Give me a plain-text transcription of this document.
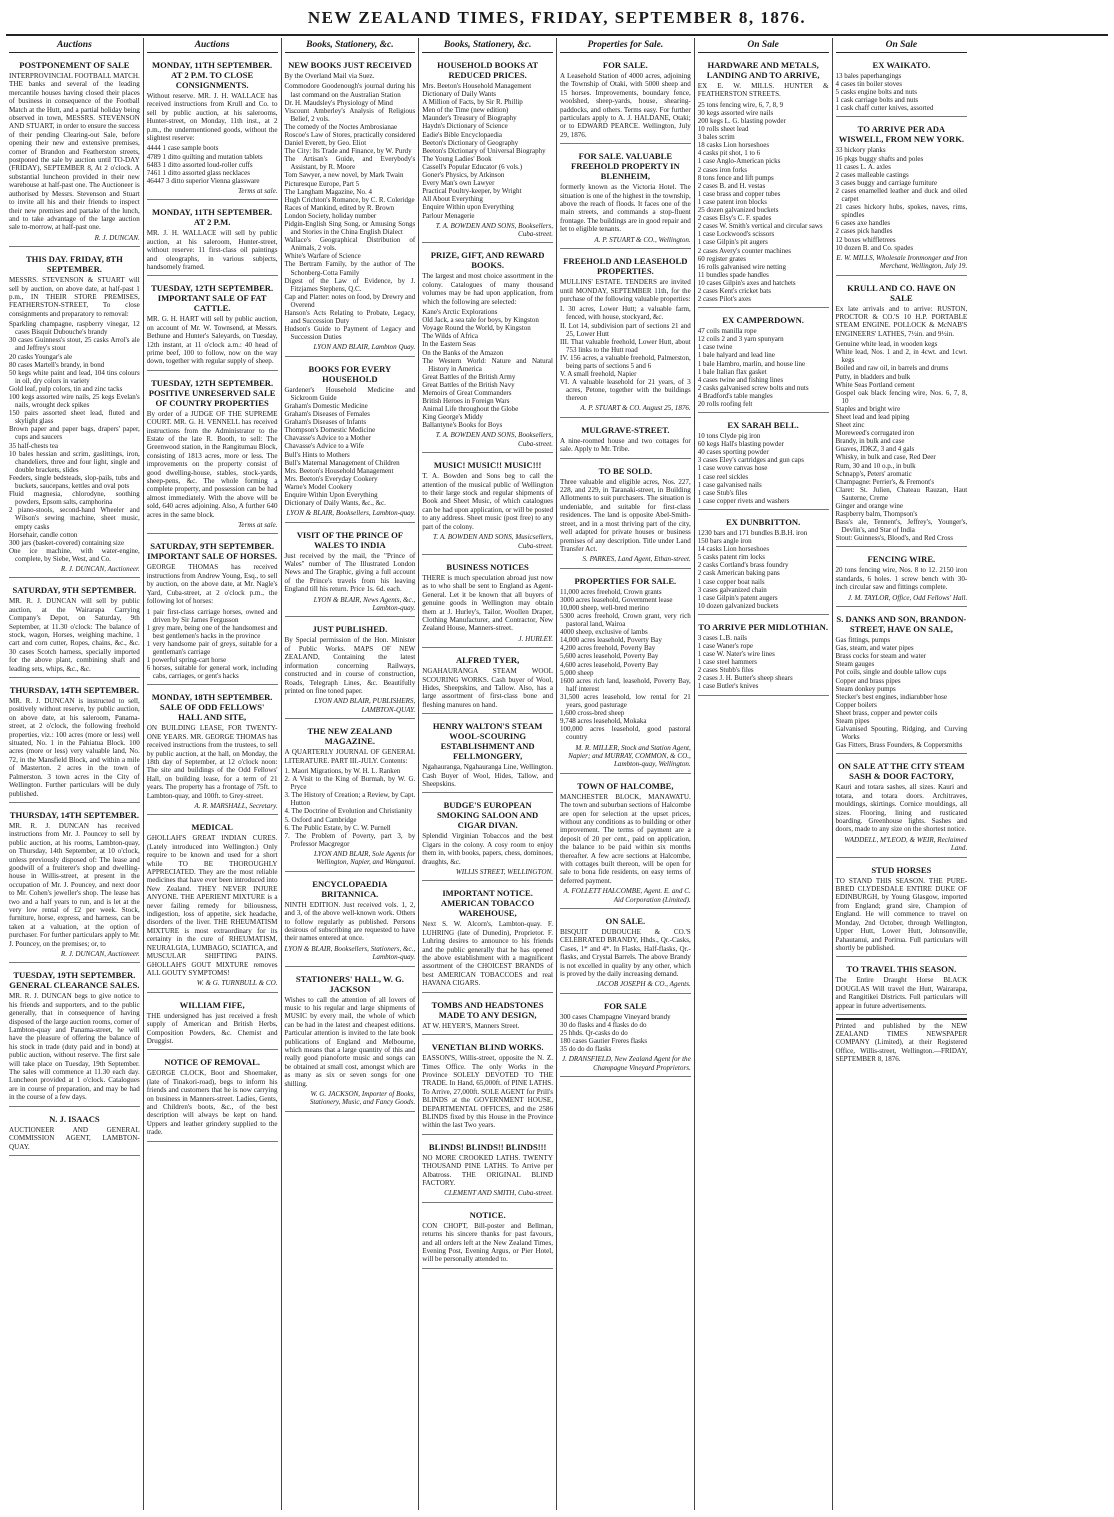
NEW ZEALAND TIMES, FRIDAY, SEPTEMBER 8, 1876.
Auctions
POSTPONEMENT OF SALE
INTERPROVINCIAL FOOTBALL MATCH. THE banks and several of the leading mercantile houses having closed their places of business in consequence of the Football Match at the Hutt, and a partial holiday being observed in town, MESSRS. STEVENSON AND STUART, in order to ensure the success of their pending Clearing-out Sale, before opening their new and extensive premises, corner of Brandon and Featherston streets, postponed the sale by auction until TO-DAY (FRIDAY), SEPTEMBER 8, At 2 o'clock. A substantial luncheon provided in their new warehouse at half-past one. The Auctioneer is authorised by Messrs. Stevenson and Stuart to invite all his and their friends to inspect their new premises and partake of the lunch, and to take advantage of the large auction sale to-morrow, at half-past one.
R. J. DUNCAN.
THIS DAY. FRIDAY, 8TH SEPTEMBER.
MESSRS. STEVENSON & STUART will sell by auction, on above date, at half-past 1 p.m., IN THEIR STORE PREMISES, FEATHERSTON-STREET, To close consignments and preparatory to removal:
Sparkling champagne, raspberry vinegar, 12 cases Bisquit Dubouche's brandy
30 cases Guinness's stout, 25 casks Arrol's ale and Jeffrey's stout
20 casks Youngar's ale
80 cases Martell's brandy, in bond
50 kegs white paint and lead, 104 tins colours in oil, dry colors in variety
Gold leaf, pulp colors, tin and zinc tacks
100 kegs assorted wire nails, 25 kegs Evelan's nails, wrought deck spikes
150 pairs assorted sheet lead, fluted and skylight glass
Brown paper and paper bags, drapers' paper, cups and saucers
35 half-chests tea
10 bales hessian and scrim, gaslittings, iron, chandeliers, three and four light, single and double brackets, slides
Feeders, single bedsteads, slop-pails, tubs and buckets, saucepans, kettles and oval pots
Fluid magnesia, chlorodyne, soothing powders, Epsom salts, camphorina
2 piano-stools, second-hand Wheeler and Wilson's sewing machine, sheet music, empty casks
Horsehair, candle cotton
300 jars (basket-covered) containing size
One ice machine, with water-engine, complete, by Siebe, West, and Co.
R. J. DUNCAN, Auctioneer.
SATURDAY, 9TH SEPTEMBER.
MR. R. J. DUNCAN will sell by public auction, at the Wairarapa Carrying Company's Depot, on Saturday, 9th September, at 11.30 o'clock: The balance of stock, wagon, Horses, weighing machine, 1 cart and corn cutter, Ropes, chains, &c., &c. 30 cases Scotch harness, specially imported for the above plant, combining shaft and leading sets, whips, &c., &c.
THURSDAY, 14TH SEPTEMBER.
MR. R. J. DUNCAN is instructed to sell, positively without reserve, by public auction, on above date, at his saleroom, Panama-street, at 2 o'clock, the following freehold properties, viz.: 100 acres (more or less) well situated, No. 1 in the Pahiatua Block. 100 acres (more or less) very valuable land, No. 72, in the Mansfield Block, and within a mile of Masterton. 2 acres in the town of Palmerston. 3 town acres in the City of Wellington. Further particulars will be duly published.
THURSDAY, 14TH SEPTEMBER.
MR. R. J. DUNCAN has received instructions from Mr. J. Pouncey to sell by public auction, at his rooms, Lambton-quay, on Thursday, 14th September, at 10 o'clock, unless previously disposed of: The lease and goodwill of a fruiterer's shop and dwelling-house in Willis-street, at present in the occupation of Mr. J. Pouncey, and next door to Mr. Cohen's jeweller's shop. The lease has two and a half years to run, and is let at the very low rental of £2 per week. Stock, furniture, horse, express, and harness, can be taken at a valuation, at the option of purchaser. For further particulars apply to Mr. J. Pouncey, on the premises; or, to
R. J. DUNCAN, Auctioneer.
TUESDAY, 19TH SEPTEMBER. GENERAL CLEARANCE SALES.
MR. R. J. DUNCAN begs to give notice to his friends and supporters, and to the public generally, that in consequence of having disposed of the large auction rooms, corner of Lambton-quay and Panama-street, he will have the pleasure of offering the balance of his stock in trade (duty paid and in bond) at public auction, without reserve. The first sale will take place on Tuesday, 19th September. The sales will commence at 11.30 each day. Luncheon provided at 1 o'clock. Catalogues are in course of preparation, and may be had in the course of a few days.
N. J. ISAACS
AUCTIONEER AND GENERAL COMMISSION AGENT, LAMBTON-QUAY.
Auctions
MONDAY, 11TH SEPTEMBER. AT 2 P.M. TO CLOSE CONSIGNMENTS.
Without reserve. MR. J. H. WALLACE has received instructions from Krull and Co. to sell by public auction, at his salerooms, Hunter-street, on Monday, 11th inst., at 2 p.m., the undermentioned goods, without the slightest reserve:
4444 1 case sample boots
4789 1 ditto quilting and mutation tablets
6483 1 ditto assorted loud-roller cuffs
7461 1 ditto assorted glass necklaces
46447 3 ditto superior Vienna glassware
Terms at sale.
MONDAY, 11TH SEPTEMBER. AT 2 P.M.
MR. J. H. WALLACE will sell by public auction, at his saleroom, Hunter-street, without reserve: 11 first-class oil paintings and oleographs, in various subjects, handsomely framed.
TUESDAY, 12TH SEPTEMBER. IMPORTANT SALE OF FAT CATTLE.
MR. G. H. HART will sell by public auction, on account of Mr. W. Townsend, at Messrs. Bethune and Hunter's Saleyards, on Tuesday, 12th instant, at 11 o'clock a.m.: 40 head of prime beef, 100 to follow, now on the way down, together with regular supply of sheep.
TUESDAY, 12TH SEPTEMBER. POSITIVE UNRESERVED SALE OF COUNTRY PROPERTIES
By order of a JUDGE OF THE SUPREME COURT. MR. G. H. VENNELL has received instructions from the Administrator to the Estate of the late R. Booth, to sell: The Greenwood station, in the Rangitumau Block, consisting of 1813 acres, more or less. The improvements on the property consist of good dwelling-house, stables, stock-yards, sheep-pens, &c. The whole forming a complete property, and possession can be had almost immediately. With the above will be sold, 640 acres adjoining. Also, A further 640 acres in the same block.
Terms at sale.
SATURDAY, 9TH SEPTEMBER. IMPORTANT SALE OF HORSES.
GEORGE THOMAS has received instructions from Andrew Young, Esq., to sell by auction, on the above date, at Mr. Nagle's Yard, Cuba-street, at 2 o'clock p.m., the following lot of horses:
1 pair first-class carriage horses, owned and driven by Sir James Fergusson
1 grey mare, being one of the handsomest and best gentlemen's hacks in the province
1 very handsome pair of greys, suitable for a gentleman's carriage
1 powerful spring-cart horse
6 horses, suitable for general work, including cabs, carriages, or gent's hacks
MONDAY, 18TH SEPTEMBER. SALE OF ODD FELLOWS' HALL AND SITE,
ON BUILDING LEASE, FOR TWENTY-ONE YEARS. MR. GEORGE THOMAS has received instructions from the trustees, to sell by public auction, at the hall, on Monday, the 18th day of September, at 12 o'clock noon: The site and buildings of the Odd Fellows' Hall, on building lease, for a term of 21 years. The property has a frontage of 75ft. to Lambton-quay, and 100ft. to Grey-street.
A. R. MARSHALL, Secretary.
MEDICAL
GHOLLAH'S GREAT INDIAN CURES. (Lately introduced into Wellington.) Only require to be known and used for a short while TO BE THOROUGHLY APPRECIATED. They are the most reliable medicines that have ever been introduced into New Zealand. THEY NEVER INJURE ANYONE. THE APERIENT MIXTURE is a never failing remedy for biliousness, indigestion, loss of appetite, sick headache, disorders of the liver. THE RHEUMATISM MIXTURE is most extraordinary for its certainty in the cure of RHEUMATISM, NEURALGIA, LUMBAGO, SCIATICA, and MUSCULAR SHIFTING PAINS. GHOLLAH'S GOUT MIXTURE removes ALL GOUTY SYMPTOMS!
W. & G. TURNBULL & CO.
WILLIAM FIFE,
THE undersigned has just received a fresh supply of American and British Herbs, Composition Powders, &c. Chemist and Druggist.
NOTICE OF REMOVAL.
GEORGE CLOCK, Boot and Shoemaker, (late of Tinakori-road), begs to inform his friends and customers that he is now carrying on business in Manners-street. Ladies, Gents, and Children's boots, &c., of the best description will always be kept on hand. Uppers and leather grindery supplied to the trade.
Books, Stationery, &c.
NEW BOOKS JUST RECEIVED
By the Overland Mail via Suez.
Commodore Goodenough's journal during his last command on the Australian Station
Dr. H. Maudsley's Physiology of Mind
Viscount Amberley's Analysis of Religious Belief, 2 vols.
The comedy of the Noctes Ambrosianae
Roscoe's Law of Stores, practically considered
Daniel Everett, by Geo. Eliot
The City: Its Trade and Finance, by W. Purdy
The Artisan's Guide, and Everybody's Assistant, by R. Moore
Tom Sawyer, a new novel, by Mark Twain
Picturesque Europe, Part 5
The Langham Magazine, No. 4
Hugh Crichton's Romance, by C. R. Coleridge
Races of Mankind, edited by R. Brown
London Society, holiday number
Pidgin-English Sing Song, or Amusing Songs and Stories in the China English Dialect
Wallace's Geographical Distribution of Animals, 2 vols.
White's Warfare of Science
The Bertram Family, by the author of The Schonberg-Cotta Family
Digest of the Law of Evidence, by J. Fitzjames Stephens, Q.C.
Cap and Platter: notes on food, by Drewry and Overend
Hanson's Acts Relating to Probate, Legacy, and Succession Duty
Hudson's Guide to Payment of Legacy and Succession Duties
LYON AND BLAIR, Lambton Quay.
BOOKS FOR EVERY HOUSEHOLD
Gardener's Household Medicine and Sickroom Guide
Graham's Domestic Medicine
Graham's Diseases of Females
Graham's Diseases of Infants
Thompson's Domestic Medicine
Chavasse's Advice to a Mother
Chavasse's Advice to a Wife
Bull's Hints to Mothers
Bull's Maternal Management of Children
Mrs. Beeton's Household Management
Mrs. Beeton's Everyday Cookery
Warne's Model Cookery
Enquire Within Upon Everything
Dictionary of Daily Wants, &c., &c.
LYON & BLAIR, Booksellers, Lambton-quay.
VISIT OF THE PRINCE OF WALES TO INDIA
Just received by the mail, the "Prince of Wales" number of The Illustrated London News and The Graphic, giving a full account of the Prince's travels from his leaving England till his return. Price 1s. 6d. each.
LYON & BLAIR, News Agents, &c., Lambton-quay.
JUST PUBLISHED.
By Special permission of the Hon. Minister of Public Works. MAPS OF NEW ZEALAND, Containing the latest information concerning Railways, constructed and in course of construction, Roads, Telegraph Lines, &c. Beautifully printed on fine toned paper.
LYON AND BLAIR, PUBLISHERS, LAMBTON-QUAY.
THE NEW ZEALAND MAGAZINE.
A QUARTERLY JOURNAL OF GENERAL LITERATURE. PART III.-JULY. Contents:
1. Maori Migrations, by W. H. L. Ranken
2. A Visit to the King of Burmah, by W. G. Pryce
3. The History of Creation; a Review, by Capt. Hutton
4. The Doctrine of Evolution and Christianity
5. Oxford and Cambridge
6. The Public Estate, by C. W. Purnell
7. The Problem of Poverty, part 3, by Professor Macgregor
LYON AND BLAIR, Sole Agents for Wellington, Napier, and Wanganui.
ENCYCLOPAEDIA BRITANNICA.
NINTH EDITION. Just received vols. 1, 2, and 3, of the above well-known work. Others to follow regularly as published. Persons desirous of subscribing are requested to have their names entered at once.
LYON & BLAIR, Booksellers, Stationers, &c., Lambton-quay.
STATIONERS' HALL, W. G. JACKSON
Wishes to call the attention of all lovers of music to his regular and large shipments of MUSIC by every mail, the whole of which can be had in the latest and cheapest editions. Particular attention is invited to the late book publications of England and Melbourne, which means that a large quantity of this and really good pianoforte music and songs can be obtained at small cost, amongst which are as many as six or seven songs for one shilling.
W. G. JACKSON, Importer of Books, Stationery, Music, and Fancy Goods.
Books, Stationery, &c.
HOUSEHOLD BOOKS AT REDUCED PRICES.
Mrs. Beeton's Household Management
Dictionary of Daily Wants
A Million of Facts, by Sir R. Phillip
Men of the Time (new edition)
Maunder's Treasury of Biography
Haydn's Dictionary of Science
Eadie's Bible Encyclopaedia
Beeton's Dictionary of Geography
Beeton's Dictionary of Universal Biography
The Young Ladies' Book
Cassell's Popular Educator (6 vols.)
Goner's Physics, by Atkinson
Every Man's own Lawyer
Practical Poultry-keeper, by Wright
All About Everything
Enquire Within upon Everything
Parlour Menagerie
T. A. BOWDEN AND SONS, Booksellers, Cuba-street.
PRIZE, GIFT, AND REWARD BOOKS.
The largest and most choice assortment in the colony. Catalogues of many thousand volumes may be had upon application, from which the following are selected:
Kane's Arctic Explorations
Old Jack, a sea tale for boys, by Kingston
Voyage Round the World, by Kingston
The Wilds of Africa
In the Eastern Seas
On the Banks of the Amazon
The Western World: Nature and Natural History in America
Great Battles of the British Army
Great Battles of the British Navy
Memoirs of Great Commanders
British Heroes in Foreign Wars
Animal Life throughout the Globe
King George's Middy
Ballantyne's Books for Boys
T. A. BOWDEN AND SONS, Booksellers, Cuba-street.
MUSIC! MUSIC!! MUSIC!!!
T. A. Bowden and Sons beg to call the attention of the musical public of Wellington to their large stock and regular shipments of Book and Sheet Music, of which catalogues can be had upon application, or will be posted to any address. Sheet music (post free) to any part of the colony.
T. A. BOWDEN AND SONS, Musicsellers, Cuba-street.
BUSINESS NOTICES
THERE is much speculation abroad just now as to who shall be sent to England as Agent-General. Let it be known that all buyers of genuine goods in Wellington may obtain them at J. Hurley's, Tailor, Woollen Draper, Clothing Manufacturer, and Contractor, New Zealand House, Manners-street.
J. HURLEY.
ALFRED TYER,
NGAHAURANGA STEAM WOOL SCOURING WORKS. Cash buyer of Wool, Hides, Sheepskins, and Tallow. Also, has a large assortment of first-class bone and fleshing manures on hand.
HENRY WALTON'S STEAM WOOL-SCOURING ESTABLISHMENT AND FELLMONGERY,
Ngahauranga, Ngahauranga Line, Wellington. Cash Buyer of Wool, Hides, Tallow, and Sheepskins.
BUDGE'S EUROPEAN SMOKING SALOON AND CIGAR DIVAN.
Splendid Virginian Tobaccos and the best Cigars in the colony. A cosy room to enjoy them in, with books, papers, chess, dominoes, draughts, &c.
WILLIS STREET, WELLINGTON.
IMPORTANT NOTICE. AMERICAN TOBACCO WAREHOUSE,
Next S. W. Alcorn's, Lambton-quay. F. LUHRING (late of Dunedin), Proprietor. F. Luhring desires to announce to his friends and the public generally that he has opened the above establishment with a magnificent assortment of the CHOICEST BRANDS of best AMERICAN TOBACCOES and real HAVANA CIGARS.
TOMBS AND HEADSTONES MADE TO ANY DESIGN,
AT W. HEYER'S, Manners Street.
VENETIAN BLIND WORKS.
EASSON'S, Willis-street, opposite the N. Z. Times Office. The only Works in the Province SOLELY DEVOTED TO THE TRADE. In Hand, 65,000ft. of PINE LATHS. To Arrive, 27,000ft. SOLE AGENT for Prill's BLINDS at the GOVERNMENT HOUSE, DEPARTMENTAL OFFICES, and the 2586 BLINDS fixed by this House in the Province within the last Two years.
BLINDS! BLINDS!! BLINDS!!!
NO MORE CROOKED LATHS. TWENTY THOUSAND PINE LATHS. To Arrive per Albatross. THE ORIGINAL BLIND FACTORY.
CLEMENT AND SMITH, Cuba-street.
NOTICE.
CON CHOPT, Bill-poster and Bellman, returns his sincere thanks for past favours, and all orders left at the New Zealand Times, Evening Post, Evening Argus, or Pier Hotel, will be personally attended to.
Properties for Sale.
FOR SALE.
A Leasehold Station of 4000 acres, adjoining the Township of Otaki, with 5000 sheep and 15 horses. Improvements, boundary fence, woolshed, sheep-yards, house, shearing-paddocks, and others. Terms easy. For further particulars apply to A. J. HALDANE, Otaki; or to EDWARD PEARCE. Wellington, July 29, 1876.
FOR SALE. VALUABLE FREEHOLD PROPERTY IN BLENHEIM,
formerly known as the Victoria Hotel. The situation is one of the highest in the township, above the reach of floods. It faces one of the main streets, and commands a stop-fluent frontage. The buildings are in good repair and let to eligible tenants.
A. P. STUART & CO., Wellington.
FREEHOLD AND LEASEHOLD PROPERTIES.
MULLINS' ESTATE. TENDERS are invited until MONDAY, SEPTEMBER 11th, for the purchase of the following valuable properties:
I. 30 acres, Lower Hutt; a valuable farm, fenced, with house, stockyard, &c.
II. Lot 14, subdivision part of sections 21 and 25, Lower Hutt
III. That valuable freehold, Lower Hutt, about 753 links to the Hutt road
IV. 156 acres, a valuable freehold, Palmerston, being parts of sections 5 and 6
V. A small freehold, Napier
VI. A valuable leasehold for 21 years, of 3 acres, Petone, together with the buildings thereon
A. P. STUART & CO. August 25, 1876.
MULGRAVE-STREET.
A nine-roomed house and two cottages for sale. Apply to Mr. Tribe.
TO BE SOLD.
Three valuable and eligible acres, Nos. 227, 228, and 229, in Taranaki-street, in Building Allotments to suit purchasers. The situation is undeniable, and suitable for first-class residences. The land is opposite Abel-Smith-street, and in a most thriving part of the city, well adapted for private houses or business premises of any description. Title under Land Transfer Act.
S. PARKES, Land Agent, Ethan-street.
PROPERTIES FOR SALE.
11,000 acres freehold, Crown grants
3000 acres leasehold, Government lease
10,000 sheep, well-bred merino
5300 acres freehold, Crown grant, very rich pastoral land, Wairoa
4000 sheep, exclusive of lambs
14,000 acres leasehold, Poverty Bay
4,200 acres freehold, Poverty Bay
5,600 acres leasehold, Poverty Bay
4,600 acres leasehold, Poverty Bay
5,000 sheep
1600 acres rich land, leasehold, Poverty Bay, half interest
31,500 acres leasehold, low rental for 21 years, good pasturage
1,600 cross-bred sheep
9,748 acres leasehold, Mokaka
100,000 acres leasehold, good pastoral country
M. R. MILLER, Stock and Station Agent, Napier; and MURRAY, COMMON, & CO., Lambton-quay, Wellington.
TOWN OF HALCOMBE,
MANCHESTER BLOCK, MANAWATU. The town and suburban sections of Halcombe are open for selection at the upset prices, without any conditions as to building or other improvement. The terms of payment are a deposit of 20 per cent., paid on application, the balance to be paid within six months thereafter. A few acre sections at Halcombe, with cottages built thereon, will be open for sale to bona fide residents, on easy terms of deferred payment.
A. FOLLETT HALCOMBE, Agent. E. and C. Aid Corporation (Limited).
ON SALE.
BISQUIT DUBOUCHE & CO.'S CELEBRATED BRANDY, Hhds., Qr.-Casks, Cases, 1* and 4*. In Flasks, Half-flasks, Qr.-flasks, and Crystal Barrels. The above Brandy is not excelled in quality by any other, which is proved by the daily increasing demand.
JACOB JOSEPH & CO., Agents.
FOR SALE
300 cases Champagne Vineyard brandy
30 do flasks and 4 flasks do do
25 hhds. Qr-casks do do
180 cases Gautier Freres flasks
35 do do do flasks
J. DRANSFIELD, New Zealand Agent for the Champagne Vineyard Proprietors.
On Sale
HARDWARE AND METALS, LANDING AND TO ARRIVE,
EX E. W. MILLS. HUNTER & FEATHERSTON STREETS.
25 tons fencing wire, 6, 7, 8, 9
30 kegs assorted wire nails
200 kegs L. G. blasting powder
10 rolls sheet lead
3 bales scrim
18 casks Lion horseshoes
4 casks pit shot, 1 to 6
1 case Anglo-American picks
2 cases iron forks
8 tons fence and lift pumps
2 cases B. and H. vestas
1 case brass and copper tubes
1 case patent iron blocks
25 dozen galvanized buckets
2 cases Elsy's C. F. spades
2 cases W. Smith's vertical and circular saws
1 case Lockwood's scissors
1 case Gilpin's pit augers
2 cases Avery's counter machines
60 register grates
16 rolls galvanised wire netting
11 bundles spade handles
10 cases Gilpin's axes and hatchets
2 cases Kent's cricket bats
2 cases Pilot's axes
EX CAMPERDOWN.
47 coils manilla rope
12 coils 2 and 3 yarn spunyarn
1 case twine
1 bale halyard and lead line
1 bale Hambro, marlin, and house line
1 bale Italian flax gasket
4 cases twine and fishing lines
2 casks galvanised screw bolts and nuts
4 Bradford's table mangles
20 rolls roofing felt
EX SARAH BELL.
10 tons Clyde pig iron
60 kegs Hall's blasting powder
40 cases sporting powder
3 cases Eley's cartridges and gun caps
1 case wove canvas hose
1 case reel sickles
1 case galvanised nails
1 case Stub's files
1 case copper rivets and washers
EX DUNBRITTON.
1230 bars and 171 bundles B.B.H. iron
150 bars angle iron
14 casks Lion horseshoes
5 casks patent rim locks
2 casks Cortland's brass foundry
2 cask American baking pans
1 case copper boat nails
3 cases galvanized chain
1 case Gilpin's patent augers
10 dozen galvanized buckets
TO ARRIVE PER MIDLOTHIAN.
3 cases L.B. nails
1 case Waner's rope
1 case W. Nater's wire lines
1 case steel hammers
2 cases Stubb's files
2 cases J. H. Butter's sheep shears
1 case Butler's knives
On Sale
EX WAIKATO.
13 bales paperhangings
4 cases tin boiler stoves
5 casks engine bolts and nuts
1 cask carriage bolts and nuts
1 cask chaff cutter knives, assorted
TO ARRIVE PER ADA WISWELL, FROM NEW YORK.
33 hickory planks
16 pkgs buggy shafts and poles
11 cases L. A. axles
2 cases malleable castings
3 cases buggy and carriage furniture
2 cases enamelled leather and duck and oiled carpet
21 cases hickory hubs, spokes, naves, rims, spindles
6 cases axe handles
2 cases pick handles
12 boxes whiffletrees
10 dozen B. and Co. spades
E. W. MILLS, Wholesale Ironmonger and Iron Merchant, Wellington, July 19.
KRULL AND CO. HAVE ON SALE
Ex late arrivals and to arrive: RUSTON, PROCTOR & CO.'S 10 H.P. PORTABLE STEAM ENGINE. POLLOCK & McNAB'S ENGINEERS' LATHES, 7½in. and 9½in.
Genuine white lead, in wooden kegs
White lead, Nos. 1 and 2, in 4cwt. and 1cwt. kegs
Boiled and raw oil, in barrels and drums
Putty, in bladders and bulk
White Seas Portland cement
Gospel oak black fencing wire, Nos. 6, 7, 8, 10
Staples and bright wire
Sheet lead and lead piping
Sheet zinc
Moreweed's corrugated iron
Brandy, in bulk and case
Guaves, JDKZ, 3 and 4 gals
Whisky, in bulk and case, Red Deer
Rum, 30 and 10 o.p., in bulk
Schnapp's, Peters' aromatic
Champagne: Perrier's, & Fremont's
Claret: St. Julien, Chateau Rauzan, Haut Sauterne, Creme
Ginger and orange wine
Raspberry balm, Thompson's
Bass's ale, Tennent's, Jeffrey's, Younger's, Devlin's, and Star of India
Stout: Guinness's, Blood's, and Red Cross
FENCING WIRE.
20 tons fencing wire, Nos. 8 to 12. 2150 iron standards, 6 holes. 1 screw bench with 30-inch circular saw and fittings complete.
J. M. TAYLOR, Office, Odd Fellows' Hall.
S. DANKS AND SON, BRANDON-STREET, HAVE ON SALE,
Gas fittings, pumps
Gas, steam, and water pipes
Brass cocks for steam and water
Steam gauges
Pot coils, single and double tallow cups
Copper and brass pipes
Steam donkey pumps
Stecker's best engines, indiarubber hose
Copper boilers
Sheet brass, copper and pewter coils
Steam pipes
Galvanised Spouting, Ridging, and Curving Works
Gas Fitters, Brass Founders, & Coppersmiths
ON SALE AT THE CITY STEAM SASH & DOOR FACTORY,
Kauri and totara sashes, all sizes. Kauri and totara, and totara doors. Architraves, mouldings, skirtings. Cornice mouldings, all sizes. Flooring, lining and rusticated boarding. Greenhouse lights. Sashes and doors, made to any size on the shortest notice.
WADDELL, M'LEOD, & WEIR, Reclaimed Land.
STUD HORSES
TO STAND THIS SEASON. THE PURE-BRED CLYDESDALE ENTIRE DUKE OF EDINBURGH, by Young Glasgow, imported from England; grand sire, Champion of England. He will commence to travel on Monday, 2nd October, through Wellington, Upper Hutt, Lower Hutt, Johnsonville, Pahautanui, and Porirua. Full particulars will shortly be published.
TO TRAVEL THIS SEASON.
The Entire Draught Horse BLACK DOUGLAS Will travel the Hutt, Wairarapa, and Rangitikei Districts. Full particulars will appear in future advertisements.
Printed and published by the NEW ZEALAND TIMES NEWSPAPER COMPANY (Limited), at their Registered Office, Willis-street, Wellington.—FRIDAY, SEPTEMBER 8, 1876.
